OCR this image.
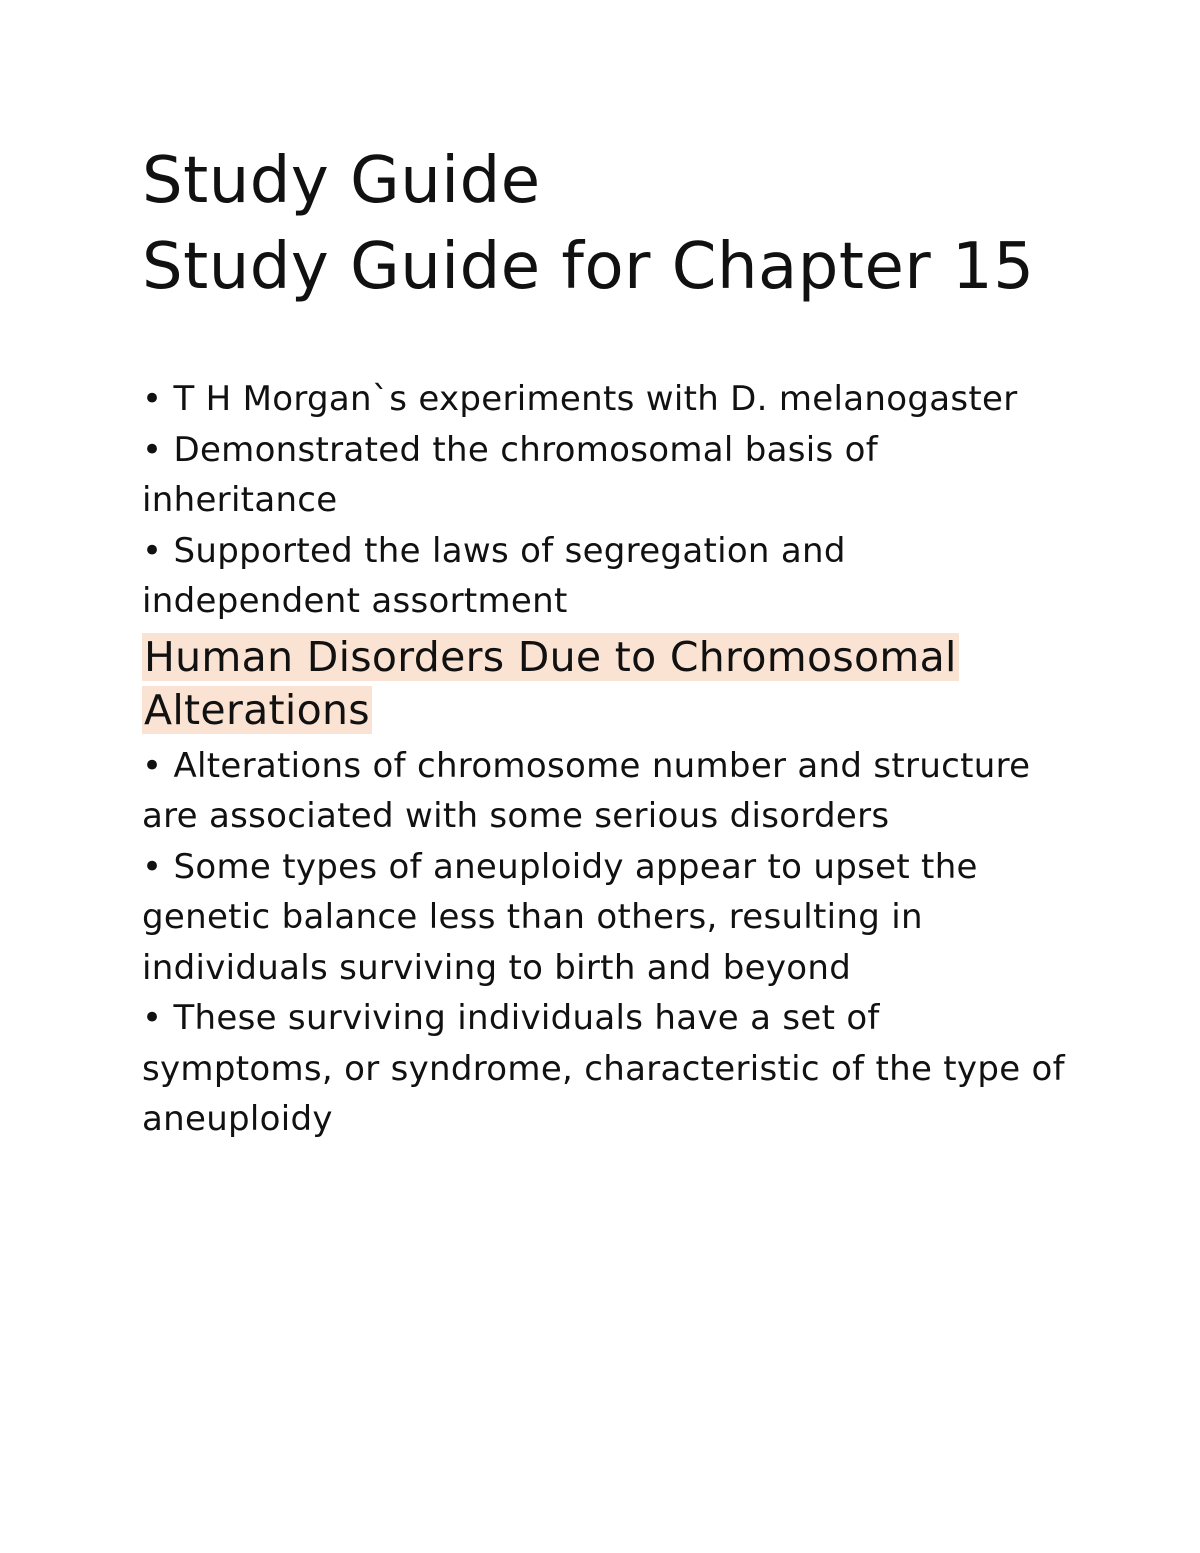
Study Guide
Study Guide for Chapter 15

• T H Morgan`s experiments with D. melanogaster

• Demonstrated the chromosomal basis of inheritance

• Supported the laws of segregation and independent assortment

Human Disorders Due to Chromosomal Alterations

• Alterations of chromosome number and structure are associated with some serious disorders

• Some types of aneuploidy appear to upset the genetic balance less than others, resulting in individuals surviving to birth and beyond

• These surviving individuals have a set of symptoms, or syndrome, characteristic of the type of aneuploidy
